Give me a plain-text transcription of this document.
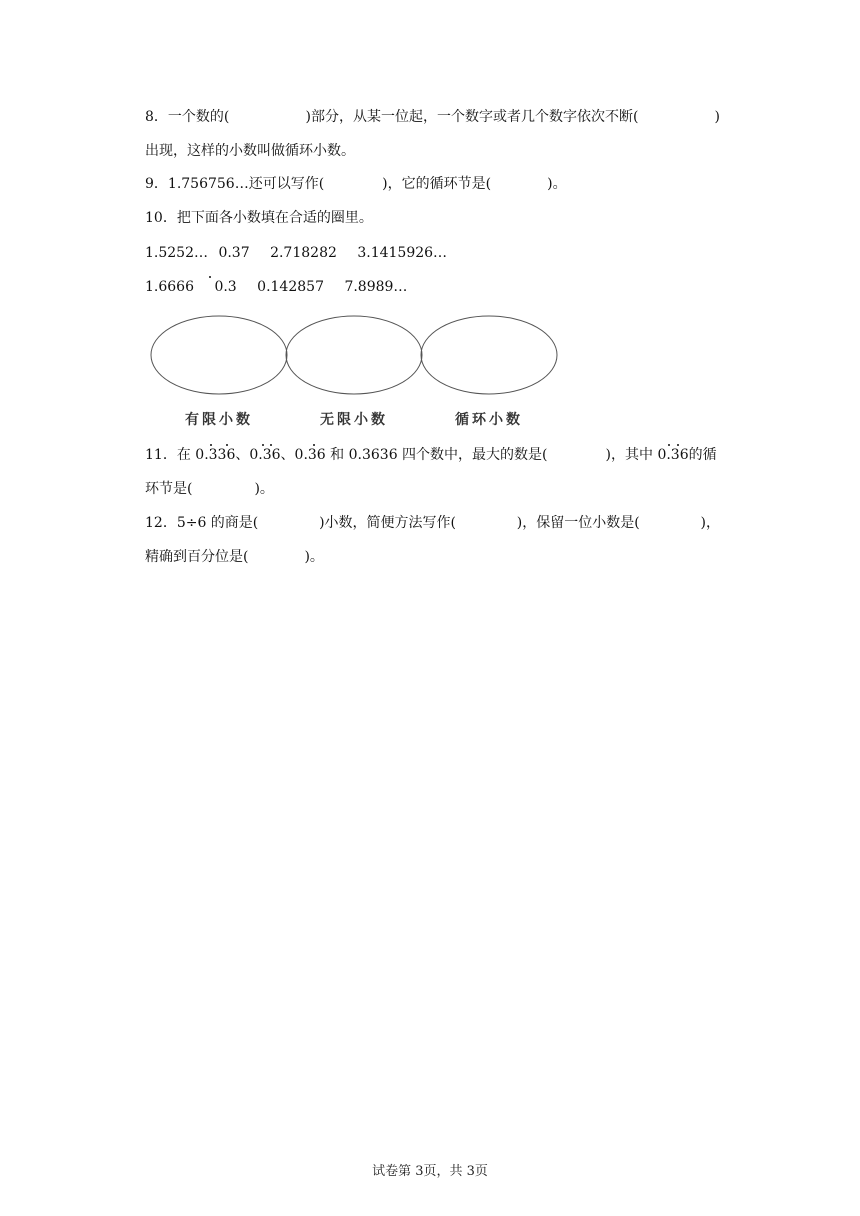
8．一个数的(	)部分，从某一位起，一个数字或者几个数字依次不断(	)
出现，这样的小数叫做循环小数。
9．1.756756…还可以写作(	)，它的循环节是(	)。
10．把下面各小数填在合适的圈里。
1.5252… 0.37 2.718282 3.1415926…
1.6666 0.3 0.142857 7.8989…
有限小数	无限小数	循环小数
11．在 0.336、0.36、0.36 和 0.3636 四个数中，最大的数是(	)，其中 0.36的循
环节是(	)。
12．5÷6 的商是(	)小数，简便方法写作(	)，保留一位小数是(	)，
精确到百分位是(	)。
试卷第 3页，共 3页
